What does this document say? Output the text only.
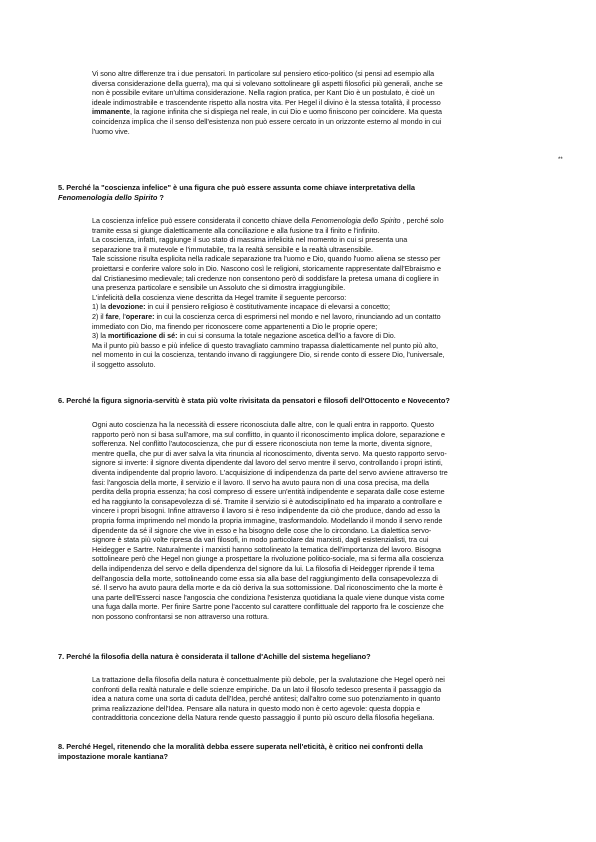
Vi sono altre differenze tra i due pensatori. In particolare sul pensiero etico-politico (si pensi ad esempio alla
diversa considerazione della guerra), ma qui si volevano sottolineare gli aspetti filosofici più generali, anche se
non è possibile evitare un'ultima considerazione. Nella ragion pratica, per Kant Dio è un postulato, è cioè un
ideale indimostrabile e trascendente rispetto alla nostra vita. Per Hegel il divino è la stessa totalità, il processo
immanente, la ragione infinita che si dispiega nel reale, in cui Dio e uomo finiscono per coincidere. Ma questa
coincidenza implica che il senso dell'esistenza non può essere cercato in un orizzonte esterno al mondo in cui
l'uomo vive.
**
5. Perché la "coscienza infelice" è una figura che può essere assunta come chiave interpretativa della
Fenomenologia dello Spirito ?
La coscienza infelice può essere considerata il concetto chiave della Fenomenologia dello Spirito , perché solo
tramite essa si giunge dialetticamente alla conciliazione e alla fusione tra il finito e l'infinito.
La coscienza, infatti, raggiunge il suo stato di massima infelicità nel momento in cui si presenta una
separazione tra il mutevole e l'immutabile, tra la realtà sensibile e la realtà ultrasensibile.
Tale scissione risulta esplicita nella radicale separazione tra l'uomo e Dio, quando l'uomo aliena se stesso per
proiettarsi e conferire valore solo in Dio. Nascono così le religioni, storicamente rappresentate dall'Ebraismo e
dal Cristianesimo medievale; tali credenze non consentono però di soddisfare la pretesa umana di cogliere in
una presenza particolare e sensibile un Assoluto che si dimostra irraggiungibile.
L'infelicità della coscienza viene descritta da Hegel tramite il seguente percorso:
1) la devozione: in cui il pensiero religioso è costitutivamente incapace di elevarsi a concetto;
2) il fare, l'operare: in cui la coscienza cerca di esprimersi nel mondo e nel lavoro, rinunciando ad un contatto
immediato con Dio, ma finendo per riconoscere come appartenenti a Dio le proprie opere;
3) la mortificazione di sé: in cui si consuma la totale negazione ascetica dell'io a favore di Dio.
Ma il punto più basso e più infelice di questo travagliato cammino trapassa dialetticamente nel punto più alto,
nel momento in cui la coscienza, tentando invano di raggiungere Dio, si rende conto di essere Dio, l'universale,
il soggetto assoluto.
6. Perché la figura signoria-servitù è stata più volte rivisitata da pensatori e filosofi dell'Ottocento e Novecento?
Ogni auto coscienza ha la necessità di essere riconosciuta dalle altre, con le quali entra in rapporto. Questo
rapporto però non si basa sull'amore, ma sul conflitto, in quanto il riconoscimento implica dolore, separazione e
sofferenza. Nel conflitto l'autocoscienza, che pur di essere riconosciuta non teme la morte, diventa signore,
mentre quella, che pur di aver salva la vita rinuncia al riconoscimento, diventa servo. Ma questo rapporto servo-
signore si inverte: il signore diventa dipendente dal lavoro del servo mentre il servo, controllando i propri istinti,
diventa indipendente dal proprio lavoro. L'acquisizione di indipendenza da parte del servo avviene attraverso tre
fasi: l'angoscia della morte, il servizio e il lavoro. Il servo ha avuto paura non di una cosa precisa, ma della
perdita della propria essenza; ha così compreso di essere un'entità indipendente e separata dalle cose esterne
ed ha raggiunto la consapevolezza di sé. Tramite il servizio si è autodisciplinato ed ha imparato a controllare e
vincere i propri bisogni. Infine attraverso il lavoro si è reso indipendente da ciò che produce, dando ad esso la
propria forma imprimendo nel mondo la propria immagine, trasformandolo. Modellando il mondo il servo rende
dipendente da sé il signore che vive in esso e ha bisogno delle cose che lo circondano. La dialettica servo-
signore è stata più volte ripresa da vari filosofi, in modo particolare dai marxisti, dagli esistenzialisti, tra cui
Heidegger e Sartre. Naturalmente i marxisti hanno sottolineato la tematica dell'importanza del lavoro. Bisogna
sottolineare però che Hegel non giunge a prospettare la rivoluzione politico-sociale, ma si ferma alla coscienza
della indipendenza del servo e della dipendenza del signore da lui. La filosofia di Heidegger riprende il tema
dell'angoscia della morte, sottolineando come essa sia alla base del raggiungimento della consapevolezza di
sé. Il servo ha avuto paura della morte e da ciò deriva la sua sottomissione. Dal riconoscimento che la morte è
una parte dell'Esserci nasce l'angoscia che condiziona l'esistenza quotidiana la quale viene dunque vista come
una fuga dalla morte. Per finire Sartre pone l'accento sul carattere conflittuale del rapporto fra le coscienze che
non possono confrontarsi se non attraverso una rottura.
7. Perché la filosofia della natura è considerata il tallone d'Achille del sistema hegeliano?
La trattazione della filosofia della natura è concettualmente più debole, per la svalutazione che Hegel operò nei
confronti della realtà naturale e delle scienze empiriche. Da un lato il filosofo tedesco presenta il passaggio da
idea a natura come una sorta di caduta dell'Idea, perché antitesi; dall'altro come suo potenziamento in quanto
prima realizzazione dell'Idea. Pensare alla natura in questo modo non è certo agevole: questa doppia e
contraddittoria concezione della Natura rende questo passaggio il punto più oscuro della filosofia hegeliana.
8. Perché Hegel, ritenendo che la moralità debba essere superata nell'eticità, è critico nei confronti della
impostazione morale kantiana?
